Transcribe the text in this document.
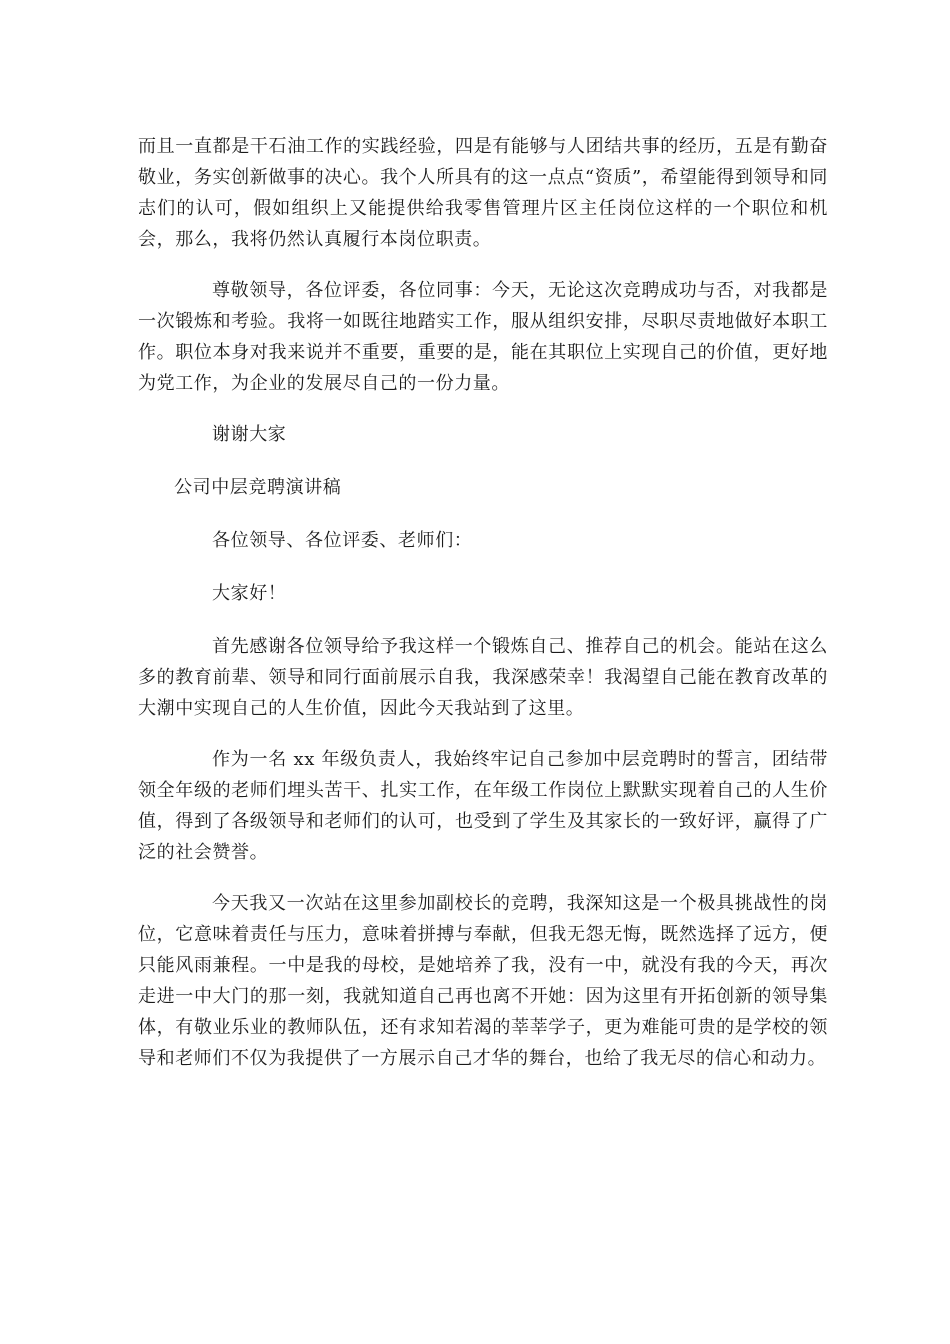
而且一直都是干石油工作的实践经验，四是有能够与人团结共事的经历，五是有勤奋敬业，务实创新做事的决心。我个人所具有的这一点点“资质”，希望能得到领导和同志们的认可，假如组织上又能提供给我零售管理片区主任岗位这样的一个职位和机会，那么，我将仍然认真履行本岗位职责。

尊敬领导，各位评委，各位同事：今天，无论这次竞聘成功与否，对我都是一次锻炼和考验。我将一如既往地踏实工作，服从组织安排，尽职尽责地做好本职工作。职位本身对我来说并不重要，重要的是，能在其职位上实现自己的价值，更好地为党工作，为企业的发展尽自己的一份力量。

谢谢大家

公司中层竞聘演讲稿

各位领导、各位评委、老师们：

大家好！

首先感谢各位领导给予我这样一个锻炼自己、推荐自己的机会。能站在这么多的教育前辈、领导和同行面前展示自我，我深感荣幸！我渴望自己能在教育改革的大潮中实现自己的人生价值，因此今天我站到了这里。

作为一名 xx 年级负责人，我始终牢记自己参加中层竞聘时的誓言，团结带领全年级的老师们埋头苦干、扎实工作，在年级工作岗位上默默实现着自己的人生价值，得到了各级领导和老师们的认可，也受到了学生及其家长的一致好评，赢得了广泛的社会赞誉。

今天我又一次站在这里参加副校长的竞聘，我深知这是一个极具挑战性的岗位，它意味着责任与压力，意味着拼搏与奉献，但我无怨无悔，既然选择了远方，便只能风雨兼程。一中是我的母校，是她培养了我，没有一中，就没有我的今天，再次走进一中大门的那一刻，我就知道自己再也离不开她：因为这里有开拓创新的领导集体，有敬业乐业的教师队伍，还有求知若渴的莘莘学子，更为难能可贵的是学校的领导和老师们不仅为我提供了一方展示自己才华的舞台，也给了我无尽的信心和动力。
